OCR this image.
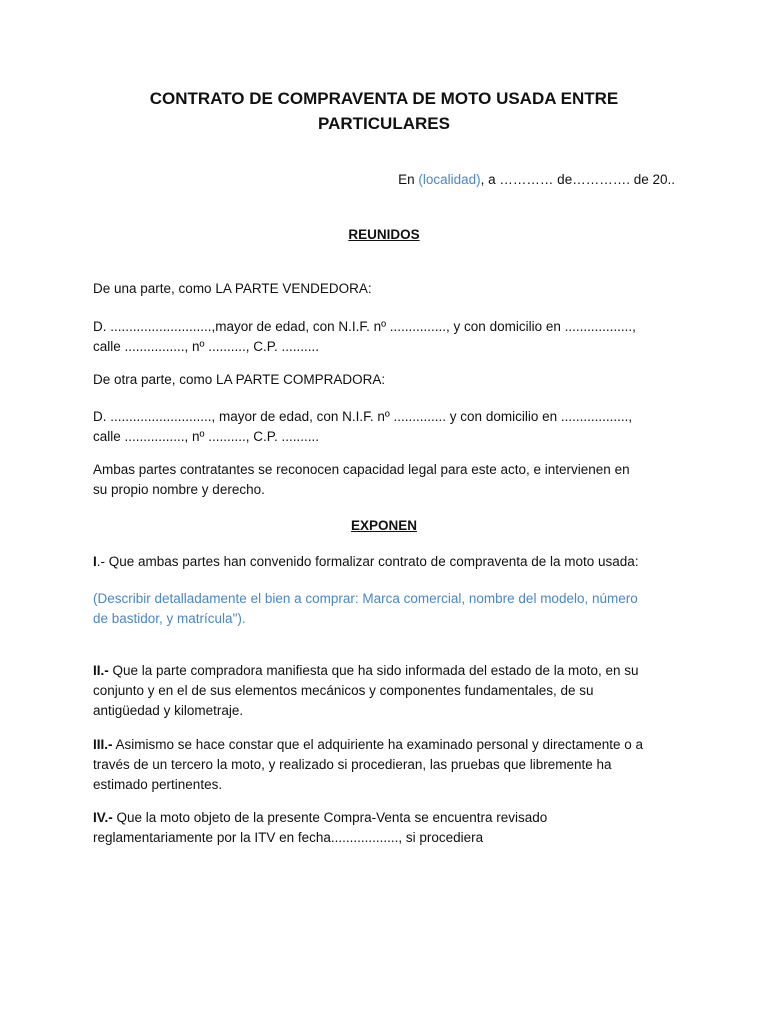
CONTRATO DE COMPRAVENTA DE MOTO USADA ENTRE
PARTICULARES
En (localidad), a ………… de…………. de 20..
REUNIDOS

De una parte, como LA PARTE VENDEDORA:

D. ...........................,mayor de edad, con N.I.F. nº ..............., y con domicilio en ..................,
calle ................, nº .........., C.P. ..........

De otra parte, como LA PARTE COMPRADORA:

D. ..........................., mayor de edad, con N.I.F. nº .............. y con domicilio en ..................,
calle ................, nº .........., C.P. ..........

Ambas partes contratantes se reconocen capacidad legal para este acto, e intervienen en
su propio nombre y derecho.

EXPONEN

I.- Que ambas partes han convenido formalizar contrato de compraventa de la moto usada:

(Describir detalladamente el bien a comprar: Marca comercial, nombre del modelo, número
de bastidor, y matrícula").

II.- Que la parte compradora manifiesta que ha sido informada del estado de la moto, en su
conjunto y en el de sus elementos mecánicos y componentes fundamentales, de su
antigüedad y kilometraje.

III.- Asimismo se hace constar que el adquiriente ha examinado personal y directamente o a
través de un tercero la moto, y realizado si procedieran, las pruebas que libremente ha
estimado pertinentes.

IV.- Que la moto objeto de la presente Compra-Venta se encuentra revisado
reglamentariamente por la ITV en fecha.................., si procediera
